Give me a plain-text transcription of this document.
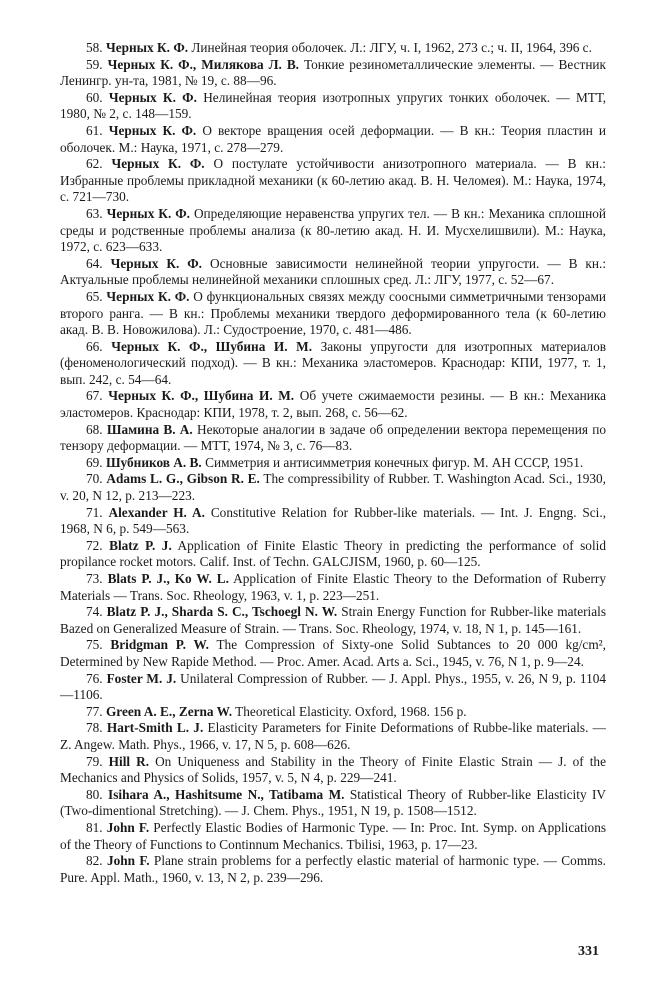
58. Черных К. Ф. Линейная теория оболочек. Л.: ЛГУ, ч. I, 1962, 273 с.; ч. II, 1964, 396 с.

59. Черных К. Ф., Милякова Л. В. Тонкие резинометаллические элементы. — Вестник Ленингр. ун-та, 1981, № 19, с. 88—96.

60. Черных К. Ф. Нелинейная теория изотропных упругих тонких оболочек. — МТТ, 1980, № 2, с. 148—159.

61. Черных К. Ф. О векторе вращения осей деформации. — В кн.: Теория пластин и оболочек. М.: Наука, 1971, с. 278—279.

62. Черных К. Ф. О постулате устойчивости анизотропного материала. — В кн.: Избранные проблемы прикладной механики (к 60-летию акад. В. Н. Челомея). М.: Наука, 1974, с. 721—730.

63. Черных К. Ф. Определяющие неравенства упругих тел. — В кн.: Механика сплошной среды и родственные проблемы анализа (к 80-летию акад. Н. И. Мусхелишвили). М.: Наука, 1972, с. 623—633.

64. Черных К. Ф. Основные зависимости нелинейной теории упругости. — В кн.: Актуальные проблемы нелинейной механики сплошных сред. Л.: ЛГУ, 1977, с. 52—67.

65. Черных К. Ф. О функциональных связях между соосными симметричными тензорами второго ранга. — В кн.: Проблемы механики твердого деформированного тела (к 60-летию акад. В. В. Новожилова). Л.: Судостроение, 1970, с. 481—486.

66. Черных К. Ф., Шубина И. М. Законы упругости для изотропных материалов (феноменологический подход). — В кн.: Механика эластомеров. Краснодар: КПИ, 1977, т. 1, вып. 242, с. 54—64.

67. Черных К. Ф., Шубина И. М. Об учете сжимаемости резины. — В кн.: Механика эластомеров. Краснодар: КПИ, 1978, т. 2, вып. 268, с. 56—62.

68. Шамина В. А. Некоторые аналогии в задаче об определении вектора перемещения по тензору деформации. — МТТ, 1974, № 3, с. 76—83.

69. Шубников А. В. Симметрия и антисимметрия конечных фигур. М. АН СССР, 1951.

70. Adams L. G., Gibson R. E. The compressibility of Rubber. T. Washington Acad. Sci., 1930, v. 20, N 12, p. 213—223.

71. Alexander H. A. Constitutive Relation for Rubber-like materials. — Int. J. Engng. Sci., 1968, N 6, p. 549—563.

72. Blatz P. J. Application of Finite Elastic Theory in predicting the performance of solid propilance rocket motors. Calif. Inst. of Techn. GALCJISM, 1960, p. 60—125.

73. Blats P. J., Ko W. L. Application of Finite Elastic Theory to the Deformation of Ruberry Materials — Trans. Soc. Rheology, 1963, v. 1, p. 223—251.

74. Blatz P. J., Sharda S. C., Tschoegl N. W. Strain Energy Function for Rubber-like materials Bazed on Generalized Measure of Strain. — Trans. Soc. Rheology, 1974, v. 18, N 1, p. 145—161.

75. Bridgman P. W. The Compression of Sixty-one Solid Subtances to 20 000 kg/cm², Determined by New Rapide Method. — Proc. Amer. Acad. Arts a. Sci., 1945, v. 76, N 1, p. 9—24.

76. Foster M. J. Unilateral Compression of Rubber. — J. Appl. Phys., 1955, v. 26, N 9, p. 1104—1106.

77. Green A. E., Zerna W. Theoretical Elasticity. Oxford, 1968. 156 p.

78. Hart-Smith L. J. Elasticity Parameters for Finite Deformations of Rubbe-like materials. — Z. Angew. Math. Phys., 1966, v. 17, N 5, p. 608—626.

79. Hill R. On Uniqueness and Stability in the Theory of Finite Elastic Strain — J. of the Mechanics and Physics of Solids, 1957, v. 5, N 4, p. 229—241.

80. Isihara A., Hashitsume N., Tatibama M. Statistical Theory of Rubber-like Elasticity IV (Two-dimentional Stretching). — J. Chem. Phys., 1951, N 19, p. 1508—1512.

81. John F. Perfectly Elastic Bodies of Harmonic Type. — In: Proc. Int. Symp. on Applications of the Theory of Functions to Continnum Mechanics. Tbilisi, 1963, p. 17—23.

82. John F. Plane strain problems for a perfectly elastic material of harmonic type. — Comms. Pure. Appl. Math., 1960, v. 13, N 2, p. 239—296.

331
